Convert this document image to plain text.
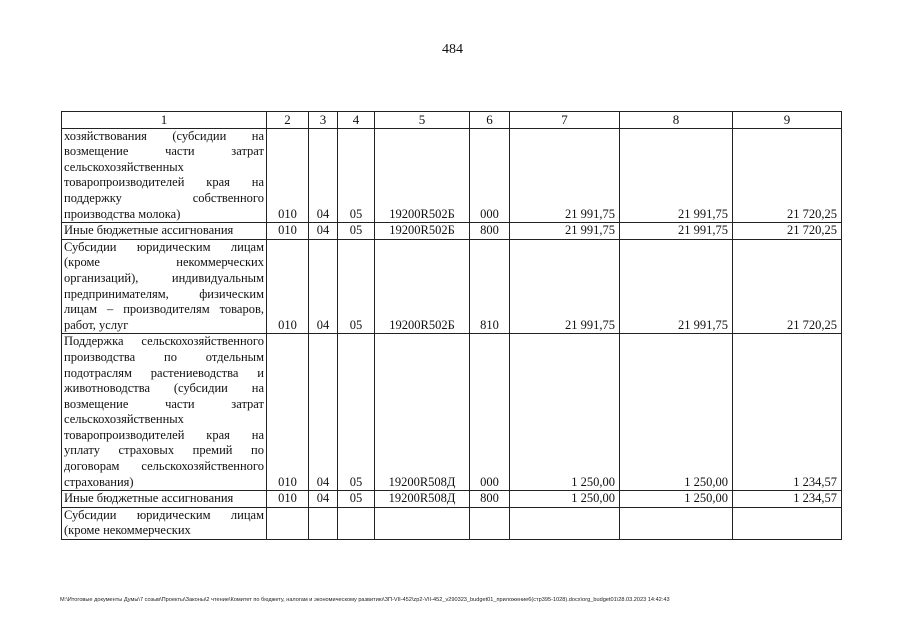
484
1	2	3	4	5	6	7	8	9
хозяйствования (субсидии на возмещение части затрат сельскохозяйственных товаропроизводителей края на поддержку собственного производства молока)	010	04	05	19200R502Б	000	21 991,75	21 991,75	21 720,25
Иные бюджетные ассигнования	010	04	05	19200R502Б	800	21 991,75	21 991,75	21 720,25
Субсидии юридическим лицам (кроме некоммерческих организаций), индивидуальным предпринимателям, физическим лицам – производителям товаров, работ, услуг	010	04	05	19200R502Б	810	21 991,75	21 991,75	21 720,25
Поддержка сельскохозяйственного производства по отдельным подотраслям растениеводства и животноводства (субсидии на возмещение части затрат сельскохозяйственных товаропроизводителей края на уплату страховых премий по договорам сельскохозяйственного страхования)	010	04	05	19200R508Д	000	1 250,00	1 250,00	1 234,57
Иные бюджетные ассигнования	010	04	05	19200R508Д	800	1 250,00	1 250,00	1 234,57
Субсидии юридическим лицам (кроме некоммерческих								
М:\Итоговые документы Думы\7 созыв\Проекты\Законы\2 чтение\Комитет по бюджету, налогам и экономическому развитию\ЗП-VII-452\zp2-VII-452_v290323_budget01_приложение6(стр395-1028).docx\org_budget01\28.03.2023 14:42:43
